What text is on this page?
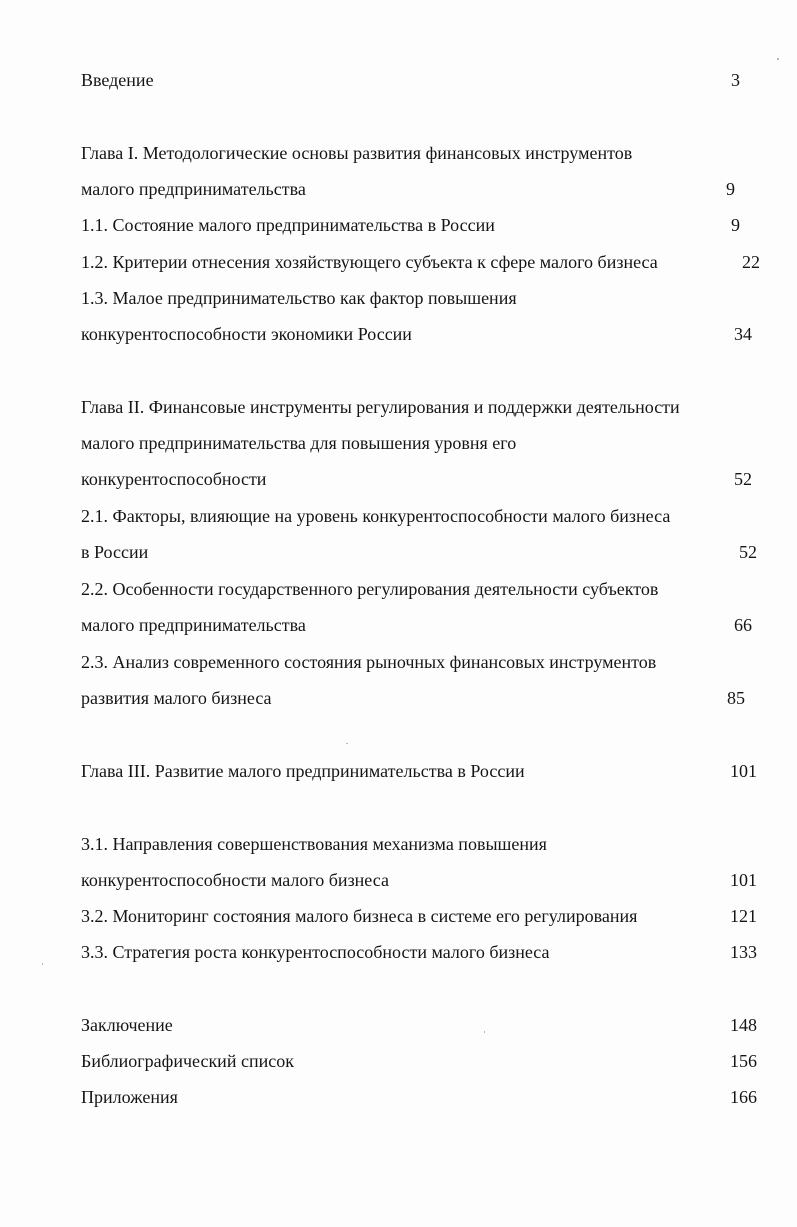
Введение	3
Глава I. Методологические основы развития финансовых инструментов
малого предпринимательства	9
1.1. Состояние малого предпринимательства в России	9
1.2. Критерии отнесения хозяйствующего субъекта к сфере малого бизнеса	22
1.3. Малое предпринимательство как фактор повышения
конкурентоспособности экономики России	34
Глава II. Финансовые инструменты регулирования и поддержки деятельности
малого предпринимательства для повышения уровня его
конкурентоспособности	52
2.1. Факторы, влияющие на уровень конкурентоспособности малого бизнеса
в России	52
2.2. Особенности государственного регулирования деятельности субъектов
малого предпринимательства	66
2.3. Анализ современного состояния рыночных финансовых инструментов
развития малого бизнеса	85
Глава III. Развитие малого предпринимательства в России	101
3.1. Направления совершенствования механизма повышения
конкурентоспособности малого бизнеса	101
3.2. Мониторинг состояния малого бизнеса в системе его регулирования	121
3.3. Стратегия роста конкурентоспособности малого бизнеса	133
Заключение	148
Библиографический список	156
Приложения	166
